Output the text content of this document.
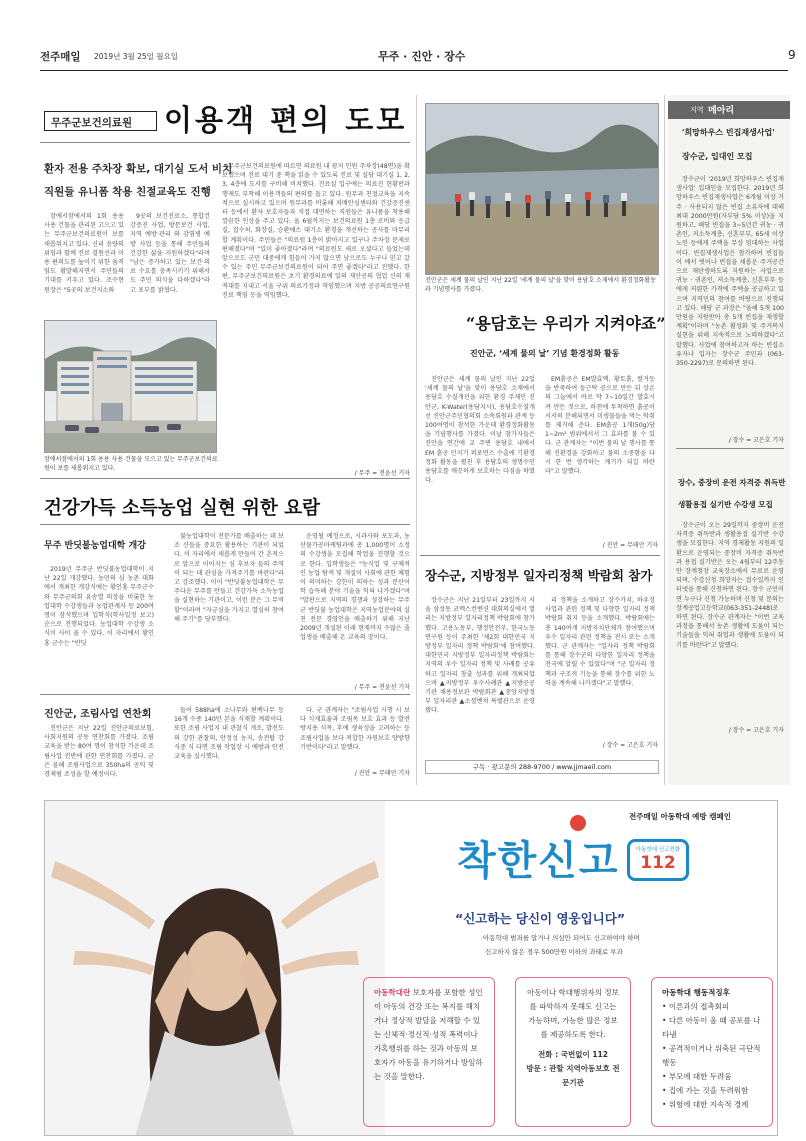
전주매일 2019년 3월 25일 월요일	무주 · 진안 · 장수	9
무주군보건의료원 이용객 편의 도모
환자 전용 주차장 확보, 대기실 도서 비치
직원들 유니폼 착용 친절교육도 진행

잠에서잠에서의 1회 용용 사용 건물을 관리된 고으고 있는 무주군보건의료원이 보를 새롭워지고 있다. 신리 음량의 위임과 함께 진료 결원선과 이용 편의도를 높이기 위한 움직임도 활발해지면서 주민들의 기대를 키우고 있다. 조수현 원장은 "5곳의 보건지소와

9곳의 보건진료소, 통합건강증진 사업, 방문보건 사업, 지역 예방·관리 와 감염병 예방 사업 등을 통해 주민들의 건강한 삶을 지원하겠다"라며 "남은 증가하고 있는 보건·의료 수요를 충족시키기 위해서도 주민 의식을 다하겠다"라고 포부를 밝혔다.

무주군보건의료원에 따르면 의료원 내 광지 인원 주차장(48면)을 확보했으며 진료 대기 중 책을 읽을 수 있도록 진료 및 실당 대기실 1, 2, 3, 4층에 도서를 구비해 비치했다. 진료실 입구에는 의료진 현황판과 행제도 부착해 이용객들의 편의를 돕고 있다. 원무과 친절교육을 지속적으로 실시하고 있으며 원무과를 비롯해 치매안심센터와 건강증진센터 등에서 환자 보호자들과 직접 대면하는 직원들은 유니폼을 착용해 깔끔한 인상을 주고 있다. 올 6월까지는 보건의료원 1층 로비와 응급실, 접수처, 화장실, 승환에스 대기소 환경을 개선하는 공사를 마무리할 계획이다. 주민들은 "의료원 1층이 밝아지고 있구나 주차장 문제로 편해졌다"며 "있이 좋아졌다"라며 "의료원도 새로 오셨다고 들었는데 앞으로도 군민 대중에게 힘들어 가지 않으면 남으로도 누구나 믿고 갈 수 있는 주민 무주군보건의료원이 되어 주면 좋겠다"라고 전했다. 한편, 무주군보건의료원은 초기 환경의료에 일의 재산공의 협업 신의 재 적대를 지내고 서울 구위 의료가정과 역임했으며 지방 공공의료연구원 진료 책임 등을 역임했다.

/ 무주 = 전윤선 기자
잠에서잠에서의 1회 용용 사용 건물을 모으고 있는 무주군보건의료원이 보를 새롭워지고 있다.
진안군은 세계 물의 날인 지난 22일 '세계 물의 날'을 맞이 용담호 소재에서 환경정화활동과 기념행사를 가졌다.
“용담호는 우리가 지켜야죠”
진안군, ‘세계 물의 날’ 기념 환경정화 활동

진안군은 세계 물의 날인 지난 22일 '세계 물의 날'을 맞이 용담호 소재에서 용담호 수질개선을 위한 환경 주제인 진안군, K-Water(용담지사), 용담호수질개선 진안군주민협의회 소속회원과 관계 등 100여명이 참석한 가운데 환경정화활동을 기념행사를 가졌다. 이날 참가자들은 진안을 연간에 교 주변 용담호 내에서 EM 흙공 던지기 퍼포먼스 수출에 기환경정화 활동을 펼친 후 용담호의 생명수인 용담호를 깨끗하게 보호하는 다짐을 하였다.

EM흙공은 EM발효액, 황토흙, 쌀겨등을 반죽하여 둥근탁 공으로 만든 뒤 상온의 그늘에서 바로 약 7~10일간 발효시켜 만든 것으로, 하천에 투척하면 흙공이 서서히 분해되면서 미생물들을 먹는 악취를 제거해 준다. EM흙공 1개(50g)당 1~2m² 범위에서서 그 효과를 볼 수 있다. 군 관계자는 "이번 물의 날 행사를 통해 진환경을 강화하고 물의 소중함을 다시 한 번 생각하는 계기가 되길 바란다"고 말했다.

/ 진안 = 무태안 기자
건강가득 소득농업 실현 위한 요람
무주 반딧불농업대학 개강

2019년 무주군 반딧불농업대학이 지난 22일 개강했다. 농민의 심 농촌 대화에서 개최한 개강식에는 황인홍 무주군수와 무주군의회 유송열 의장을 비롯한 농업대학 수강생들과 농업관계자 등 200여 명이 참석했으며 입학식(학사일정 보고) 순으로 진행되었다. 농업대학 수강생 소식이 사이 울 수 있다. 이 자리에서 황인홍 군수는 "반딧

불농업대학이 전문가를 배출하는 데 보조 신들을 중요한 활용하는 기관이 되었다. 이 자리에서 새롭게 만들어 간 흔적으로 앞으로 이어지는 심 후보자 들의 주역이 되는 데 관심을 가져주기를 바란다"라고 강조했다. 이어 "반딧불농업대학은 무주다운 무주를 만들고 건강가득 소득농업을 실현하는 기관이고, 이런 분은 그 무역할"이라며 "자긍심을 가지고 열심히 참여해 주기"를 당부했다.

운영될 예정으로, 시과사와 포도과, 농산물가공마케팅과에 총 1,000명이 소정의 수강생을 모집해 학업을 진행할 것으로 한다. 입학생들은 "농식업 및 구체적인 농업 탐색 및 개설이 사회에 관한 체험이 의미하는 강한이 의하는 성과 분산이 학 습득해 분야 기술을 익혀 나가겠다"며 "발판으로 지역의 경쟁과 성장하는 무주군 반딧불 농업대학은 지역농업분야의 실천 전문 경영인을 배출하기 위해 지난 2009년 개설된 이래 현재까지 수많은 졸업생을 배출해 온 교육의 장이다.

/ 무주 = 전윤선 기자
진안군, 조림사업 연찬회

진안군은 지난 22일 진안군의료보험, 사회지원의 공동 연찬회를 가졌다. 조림 교육을 받는 80여 명이 참석한 가운데 조림사업 전반에 관한 연찬회를 가졌다. 군은 올해 조림사업으로 350ha의 공익 및 경제림 조성을 할 예정이다.

들어 588ha에 소나무와 편백나무 등 16개 수종 140만 본을 식재할 계획이다. 또한 조림 사업지 내 관찰식 개조, 발전도의 강한 관찰의, 안정성 농지, 송전탑 강식중 식 다면 조림 작업장 시 예방과 안전교육을 실시했다.

다. 군 관계자는 "조림사업 시행 시 보다 식재효율과 조림목 보호 효과 등 발전 방지용 식목, 후에 생육성을 고려하는 등 조림사업을 보다 적합한 자원보호 양방향 기반이다"라고 말했다.

/ 진안 = 무태안 기자
장수군, 지방정부 일자리정책 박람회 참가

장수군은 지난 21일부터 23일까지 서울 삼성동 코엑스컨벤션 대회의실에서 열리는 지방정부 일자리정책 박람회에 참가했다. 고용노동부, 행정안전부, 한국노동연구원 등이 주최한 '제2회 대한민국 지방정부 일자리 정책 박람회'에 참여했다. 대한민국 지방정부 일자리정책 박람회는 지역의 우수 일자리 정책 및 사례를 공유하고 일자리 창출 성과를 위해 개최되었으며 ▲지방정부 우수사례관 ▲지방공공기관 채용정보관 박람회관 ▲중앙지방정부 일자리관 ▲소셜벤처 특별관으로 운영됐다.

리 정책을 소개하고 장수가치, 하우징 사업과 관련 정책 및 다양한 일자리 정책 박람회 취지 등을 소개했다. 박람회에는 총 140여개 지방자치단체가 참여했으며 우수 일자리 관련 정책을 전시 또는 소개했다. 군 관계자는 "일자리 정책 박람회를 통해 장수군의 다양한 일자리 정책을 전국에 알릴 수 있었다"며 "군 일자리 정책과 구조적 기능을 통해 장수를 위한 노력을 계속해 나가겠다"고 말했다.

/ 장수 = 고은호 기자
구독 · 광고문의 288-9700 / www.jjmaeil.com
지역 메아리
'희망하우스 빈집재생사업'
장수군, 입대인 모집

장수군이 '2019년 희망하우스 빈집재생사업' 입대인을 모집한다. 2019년 희망하우스 빈집재생사업은 6개월 이상 거주 · 사용되지 않은 빈집 소유자에 대해 최대 2000만원(자부담 5% 이상)을 지원하고, 해당 빈집을 3~5년간 귀농 · 귀촌인, 저소득계층, 신혼부부, 65세 이상 노인 등에게 주택을 무상 임대하는 사업이다. 빈집재생사업은 참가하여 빈집들이 에서 벗어나 빈집을 새롭운 주거공간으로 재탄생하도록 지원하는 사업으로 귀농 · 귀촌인, 저소득계층, 신혼부부 등 에게 저렴한 가격에 주택을 공급하고 있으며 지역민의 참여를 바탕으로 진행되고 있다. 해당 군 과장은 "올해 5개 100만원을 지원받아 총 5개 빈집을 재생할 계획"이라며 "농촌 활성화 및 주거복지 실현을 위해 지속적으로 노력하겠다"고 말했다. 사업에 참여하고자 하는 빈집소유자나 입자는 장수군 주민과 (063-350-2297)로 문의하면 된다.

/ 장수 = 고은호 기자
장수, 중장비 운전 자격증 취득반
생활용접 실기반 수강생 모집

장수군이 오는 29일까지 중장비 운전 자격증 취득반과 생활용접 실기반 수강생을 모집한다. 지역 경제활동 지원의 일환으로 운영되는 중장비 자격증 취득반과 용접 실기반은 오는 4월부터 12주동안 장계청장 교육장소에서 무료로 운영되며, 수강신청 희망자는 접수일까지 인터넷을 통해 신청하면 된다. 장수 군민이면 누구나 신청 가능하며 신청 및 문의는 장계공업고등학교(063-351-2448)로 하면 된다. 장수군 관계자는 "이번 교육 과정을 통해서 농촌 생활에 도움이 되는 기술들을 익혀 취업과 생활에 도움이 되기를 바란다"고 말했다.

/ 장수 = 고은호 기자
전주매일 아동학대 예방 캠페인
착한신고	아동학대 신고전화
112
“신고하는 당신이 영웅입니다”
아동학대 범죄를 알거나 의심만 되어도 신고하여야 하며
신고하지 않은 경우 500만원 이하의 과태료 부과
아동학대란 보호자를 포함한 성인이 아동의 건강 또는 복지를 해치거나 정상적 발달을 저해할 수 있는 신체적·정신적·성적 폭력이나 가혹행위를 하는 것과 아동의 보호자가 아동을 유기하거나 방임하는 것을 말한다.
아동이나 학대행위자의 정보를 파악하지 못해도 신고는 가능하며, 가능한 많은 정보를 제공하도록 한다.
전화 : 국번없이 112
방문 : 관할 지역아동보호 전문기관
아동학대 행동적징후
• 이른과의 접촉회피
• 다른 아동이 울 때 공포를 나타냄
• 공격적이거나 위축된 극단적 행동
• 부모에 대한 두려움
• 집에 가는 것을 두려워함
• 위험에 대한 지속적 경계
